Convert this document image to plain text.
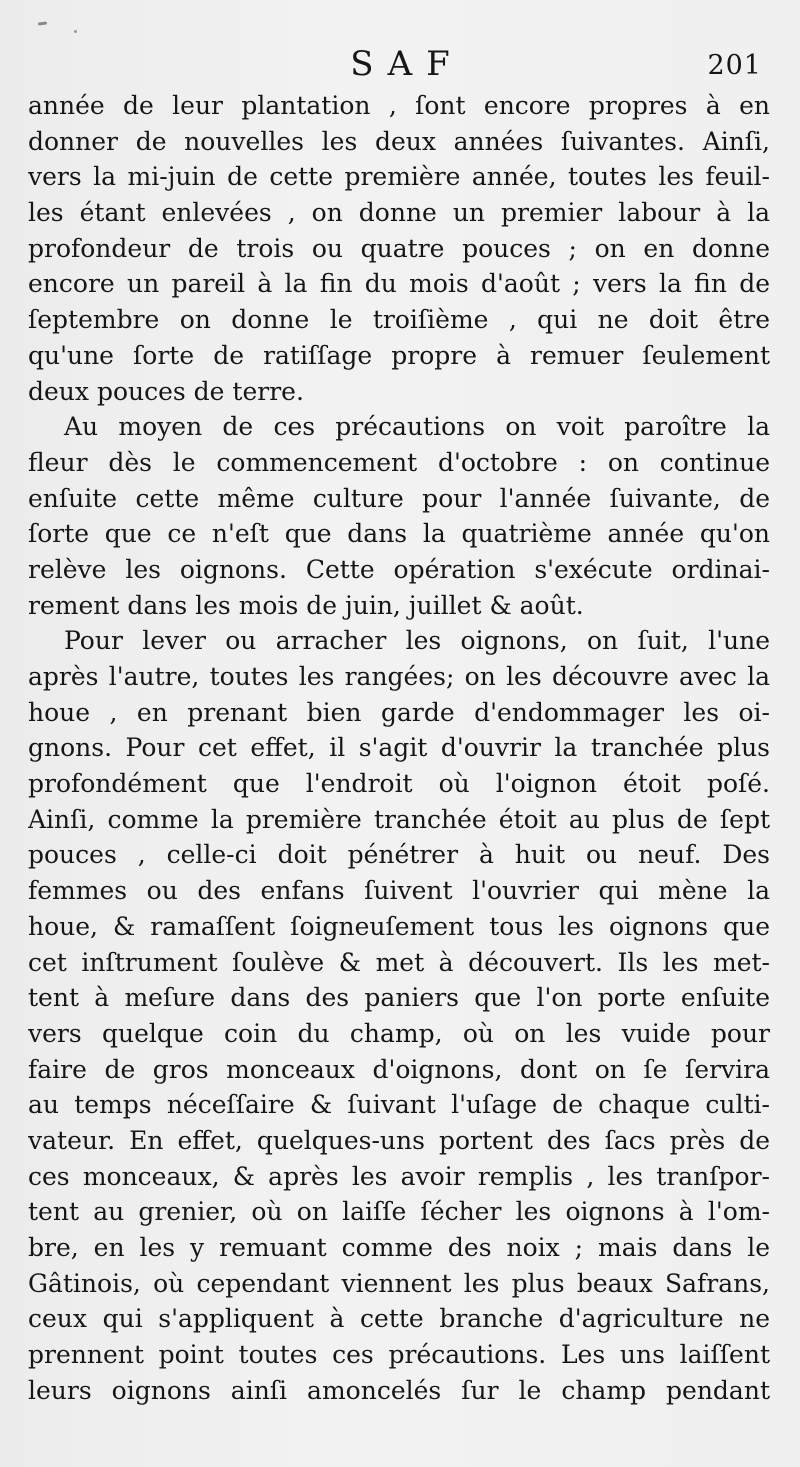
SAF	201
année de leur plantation , ſont encore propres à en
donner de nouvelles les deux années ſuivantes. Ainſi,
vers la mi-juin de cette première année, toutes les feuil-
les étant enlevées , on donne un premier labour à la
profondeur de trois ou quatre pouces ; on en donne
encore un pareil à la fin du mois d'août ; vers la fin de
ſeptembre on donne le troiſième , qui ne doit être
qu'une ſorte de ratiſſage propre à remuer ſeulement
deux pouces de terre.
Au moyen de ces précautions on voit paroître la
fleur dès le commencement d'octobre : on continue
enſuite cette même culture pour l'année ſuivante, de
ſorte que ce n'eſt que dans la quatrième année qu'on
relève les oignons. Cette opération s'exécute ordinai-
rement dans les mois de juin, juillet & août.
Pour lever ou arracher les oignons, on ſuit, l'une
après l'autre, toutes les rangées; on les découvre avec la
houe , en prenant bien garde d'endommager les oi-
gnons. Pour cet effet, il s'agit d'ouvrir la tranchée plus
profondément que l'endroit où l'oignon étoit poſé.
Ainſi, comme la première tranchée étoit au plus de ſept
pouces , celle-ci doit pénétrer à huit ou neuf. Des
femmes ou des enfans ſuivent l'ouvrier qui mène la
houe, & ramaſſent ſoigneuſement tous les oignons que
cet inſtrument ſoulève & met à découvert. Ils les met-
tent à meſure dans des paniers que l'on porte enſuite
vers quelque coin du champ, où on les vuide pour
faire de gros monceaux d'oignons, dont on ſe ſervira
au temps néceſſaire & ſuivant l'uſage de chaque culti-
vateur. En effet, quelques-uns portent des ſacs près de
ces monceaux, & après les avoir remplis , les tranſpor-
tent au grenier, où on laiſſe ſécher les oignons à l'om-
bre, en les y remuant comme des noix ; mais dans le
Gâtinois, où cependant viennent les plus beaux Safrans,
ceux qui s'appliquent à cette branche d'agriculture ne
prennent point toutes ces précautions. Les uns laiſſent
leurs oignons ainſi amoncelés ſur le champ pendant
